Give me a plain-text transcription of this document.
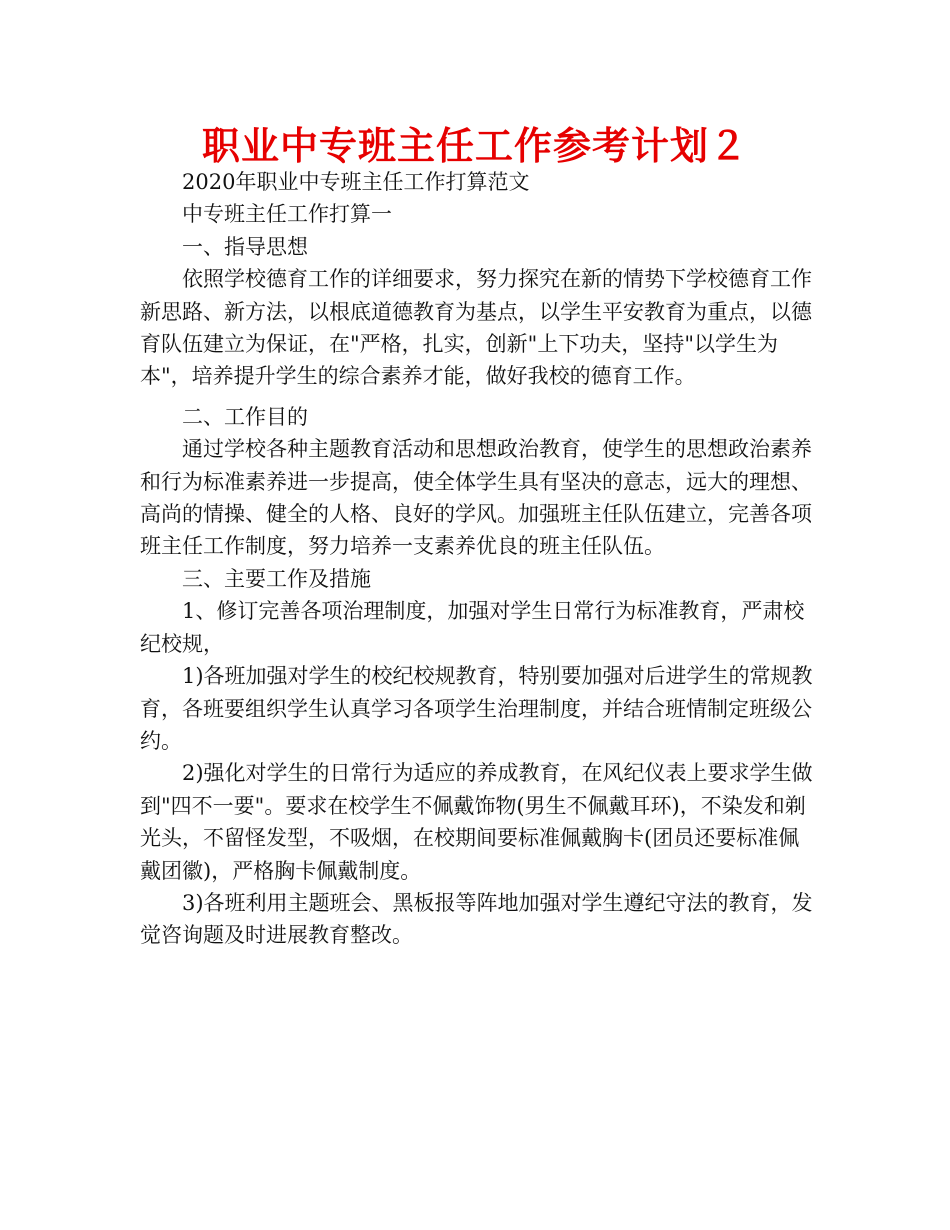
职业中专班主任工作参考计划２

2020年职业中专班主任工作打算范文

中专班主任工作打算一

一、指导思想

依照学校德育工作的详细要求，努力探究在新的情势下学校德育工作新思路、新方法，以根底道德教育为基点，以学生平安教育为重点，以德育队伍建立为保证，在"严格，扎实，创新"上下功夫，坚持"以学生为本"，培养提升学生的综合素养才能，做好我校的德育工作。

二、工作目的

通过学校各种主题教育活动和思想政治教育，使学生的思想政治素养和行为标准素养进一步提高，使全体学生具有坚决的意志，远大的理想、高尚的情操、健全的人格、良好的学风。加强班主任队伍建立，完善各项班主任工作制度，努力培养一支素养优良的班主任队伍。

三、主要工作及措施

1、修订完善各项治理制度，加强对学生日常行为标准教育，严肃校纪校规，

1)各班加强对学生的校纪校规教育，特别要加强对后进学生的常规教育，各班要组织学生认真学习各项学生治理制度，并结合班情制定班级公约。

2)强化对学生的日常行为适应的养成教育，在风纪仪表上要求学生做到"四不一要"。要求在校学生不佩戴饰物(男生不佩戴耳环)，不染发和剃光头，不留怪发型，不吸烟，在校期间要标准佩戴胸卡(团员还要标准佩戴团徽)，严格胸卡佩戴制度。

3)各班利用主题班会、黑板报等阵地加强对学生遵纪守法的教育，发觉咨询题及时进展教育整改。
